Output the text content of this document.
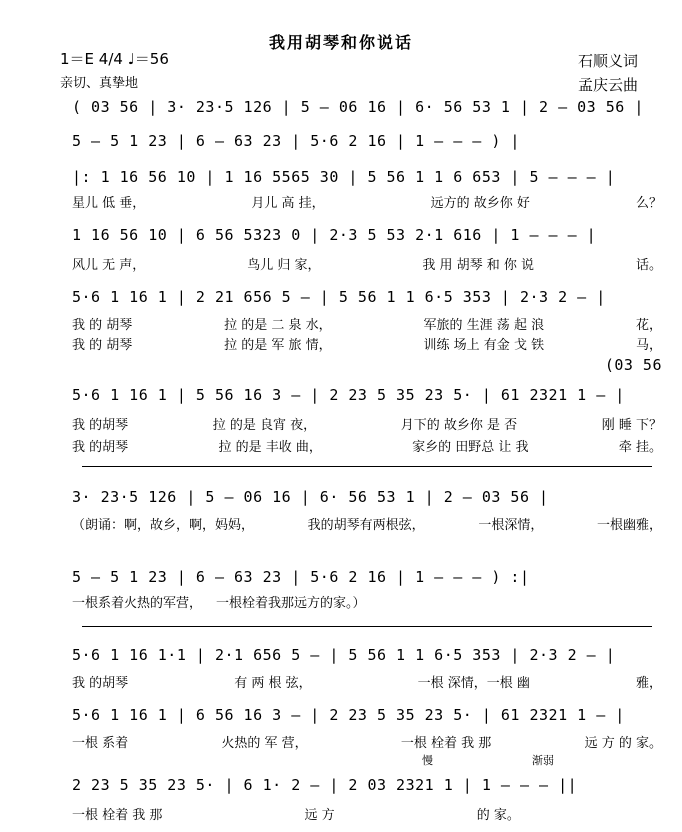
我用胡琴和你说话
1＝E 4/4 ♩＝56
亲切、真挚地
石顺义词
孟庆云曲
( 03 56 | 3· 23·5 126 | 5 — 06 16 | 6· 56 53 1 | 2 — 03 56 |
5 — 5 1 23 | 6 — 63 23 | 5·6 2 16 | 1 — — — ) |
|: 1 16 56 10 | 1 16 5565 30 | 5 56 1 1 6 653 | 5 — — — |
星儿 低 垂，	月儿 高 挂，	远方的 故乡你 好	么？
1 16 56 10 | 6 56 5323 0 | 2·3 5 53 2·1 616 | 1 — — — |
风儿 无 声，	鸟儿 归 家，	我 用 胡琴 和 你 说	话。
5·6 1 16 1 | 2 21 656 5 — | 5 56 1 1 6·5 353 | 2·3 2 — |
我 的 胡琴	拉 的是 二 泉 水，	军旅的 生涯 荡 起 浪	花，
我 的 胡琴	拉 的是 军 旅 情，	训练 场上 有金 戈 铁	马，
(03 56
5·6 1 16 1 | 5 56 16 3 — | 2 23 5 35 23 5· | 61 2321 1 — |
我 的胡琴	拉 的是 良宵 夜，	月下的 故乡你 是 否	刚 睡 下？
我 的胡琴	拉 的是 丰收 曲，	家乡的 田野总 让 我	牵 挂。
3· 23·5 126 | 5 — 06 16 | 6· 56 53 1 | 2 — 03 56 |
（朗诵：啊，故乡，啊，妈妈，	我的胡琴有两根弦，	一根深情，	一根幽雅，
5 — 5 1 23 | 6 — 63 23 | 5·6 2 16 | 1 — — — ) :|
一根系着火热的军营， 一根栓着我那远方的家。）
5·6 1 16 1·1 | 2·1 656 5 — | 5 56 1 1 6·5 353 | 2·3 2 — |
我 的胡琴	有 两 根 弦，	一根 深情，一根 幽	雅，
5·6 1 16 1 | 6 56 16 3 — | 2 23 5 35 23 5· | 61 2321 1 — |
一根 系着	火热的 军 营，	一根 栓着 我 那	远 方 的 家。
慢	渐弱
2 23 5 35 23 5· | 6 1· 2 — | 2 03 2321 1 | 1 — — — ||
一根 栓着 我 那	远 方	的 家。
